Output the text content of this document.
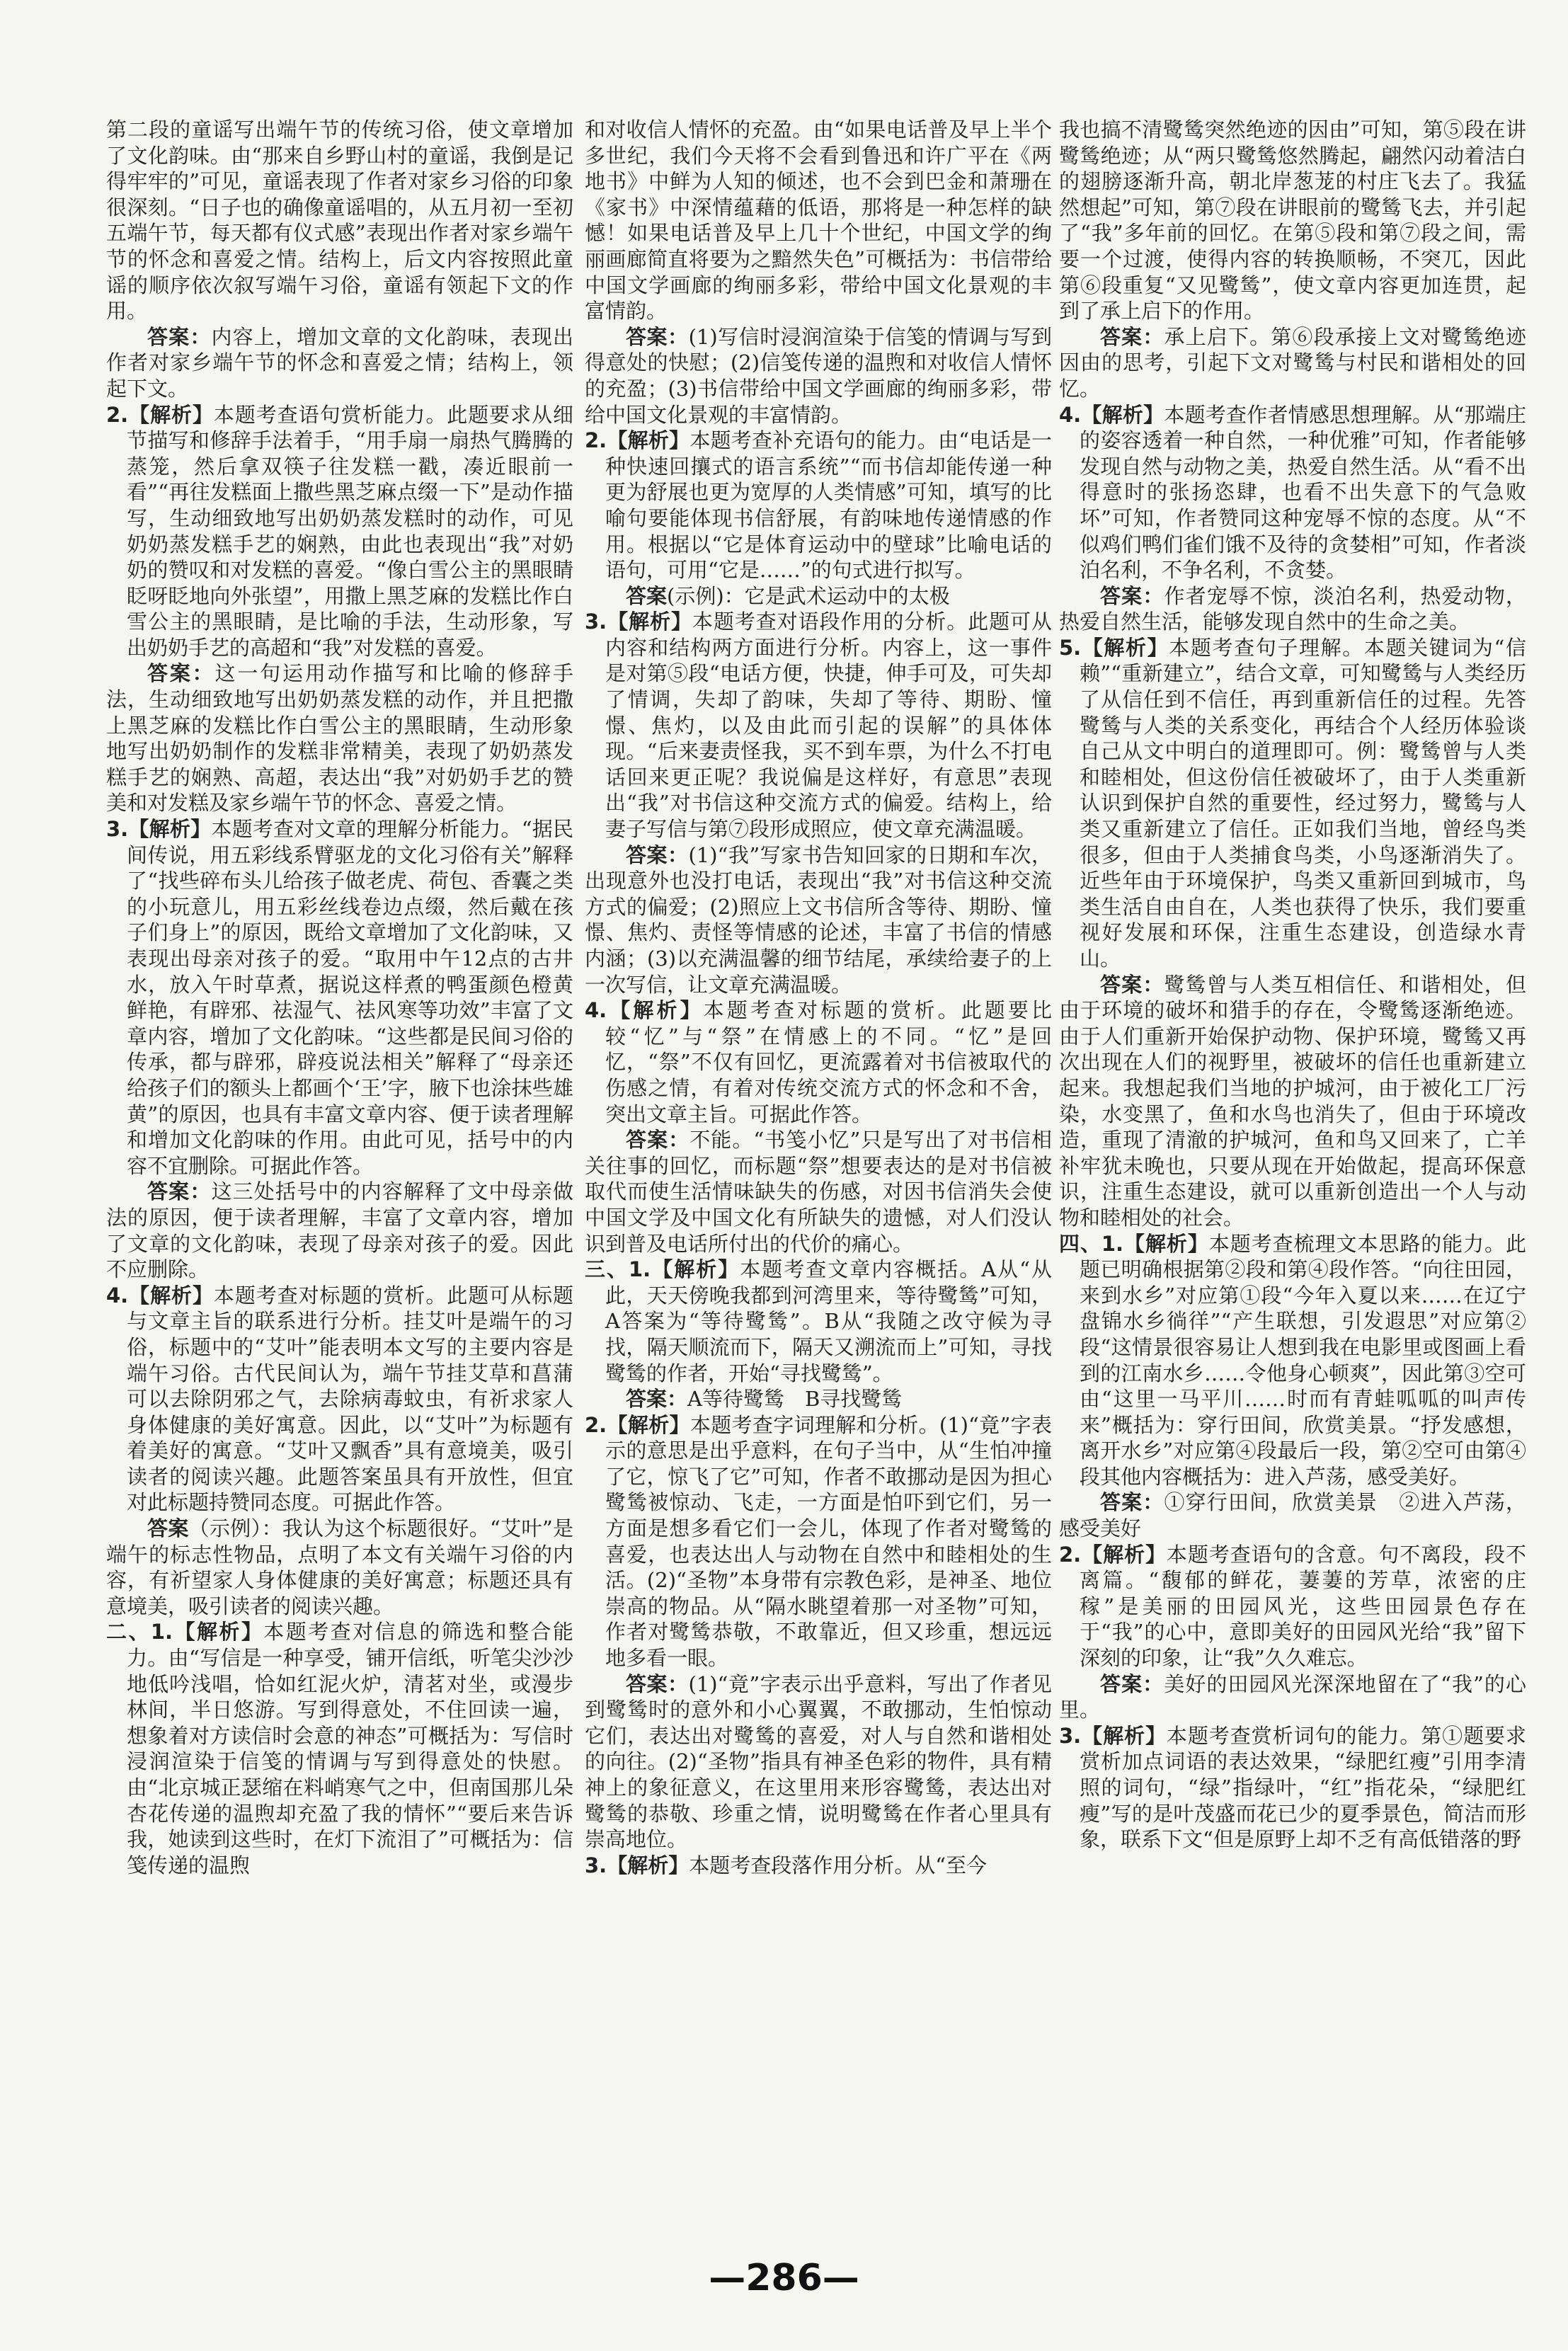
第二段的童谣写出端午节的传统习俗，使文章增加了文化韵味。由“那来自乡野山村的童谣，我倒是记得牢牢的”可见，童谣表现了作者对家乡习俗的印象很深刻。“日子也的确像童谣唱的，从五月初一至初五端午节，每天都有仪式感”表现出作者对家乡端午节的怀念和喜爱之情。结构上，后文内容按照此童谣的顺序依次叙写端午习俗，童谣有领起下文的作用。

答案：内容上，增加文章的文化韵味，表现出作者对家乡端午节的怀念和喜爱之情；结构上，领起下文。

2.【解析】本题考查语句赏析能力。此题要求从细节描写和修辞手法着手，“用手扇一扇热气腾腾的蒸笼，然后拿双筷子往发糕一戳，凑近眼前一看”“再往发糕面上撒些黑芝麻点缀一下”是动作描写，生动细致地写出奶奶蒸发糕时的动作，可见奶奶蒸发糕手艺的娴熟，由此也表现出“我”对奶奶的赞叹和对发糕的喜爱。“像白雪公主的黑眼睛眨呀眨地向外张望”，用撒上黑芝麻的发糕比作白雪公主的黑眼睛，是比喻的手法，生动形象，写出奶奶手艺的高超和“我”对发糕的喜爱。

答案：这一句运用动作描写和比喻的修辞手法，生动细致地写出奶奶蒸发糕的动作，并且把撒上黑芝麻的发糕比作白雪公主的黑眼睛，生动形象地写出奶奶制作的发糕非常精美，表现了奶奶蒸发糕手艺的娴熟、高超，表达出“我”对奶奶手艺的赞美和对发糕及家乡端午节的怀念、喜爱之情。

3.【解析】本题考查对文章的理解分析能力。“据民间传说，用五彩线系臂驱龙的文化习俗有关”解释了“找些碎布头儿给孩子做老虎、荷包、香囊之类的小玩意儿，用五彩丝线卷边点缀，然后戴在孩子们身上”的原因，既给文章增加了文化韵味，又表现出母亲对孩子的爱。“取用中午12点的古井水，放入午时草煮，据说这样煮的鸭蛋颜色橙黄鲜艳，有辟邪、祛湿气、祛风寒等功效”丰富了文章内容，增加了文化韵味。“这些都是民间习俗的传承，都与辟邪，辟疫说法相关”解释了“母亲还给孩子们的额头上都画个‘王’字，腋下也涂抹些雄黄”的原因，也具有丰富文章内容、便于读者理解和增加文化韵味的作用。由此可见，括号中的内容不宜删除。可据此作答。

答案：这三处括号中的内容解释了文中母亲做法的原因，便于读者理解，丰富了文章内容，增加了文章的文化韵味，表现了母亲对孩子的爱。因此不应删除。

4.【解析】本题考查对标题的赏析。此题可从标题与文章主旨的联系进行分析。挂艾叶是端午的习俗，标题中的“艾叶”能表明本文写的主要内容是端午习俗。古代民间认为，端午节挂艾草和菖蒲可以去除阴邪之气，去除病毒蚊虫，有祈求家人身体健康的美好寓意。因此，以“艾叶”为标题有着美好的寓意。“艾叶又飘香”具有意境美，吸引读者的阅读兴趣。此题答案虽具有开放性，但宜对此标题持赞同态度。可据此作答。

答案（示例）：我认为这个标题很好。“艾叶”是端午的标志性物品，点明了本文有关端午习俗的内容，有祈望家人身体健康的美好寓意；标题还具有意境美，吸引读者的阅读兴趣。

二、1.【解析】本题考查对信息的筛选和整合能力。由“写信是一种享受，铺开信纸，听笔尖沙沙地低吟浅唱，恰如红泥火炉，清茗对坐，或漫步林间，半日悠游。写到得意处，不住回读一遍，想象着对方读信时会意的神态”可概括为：写信时浸润渲染于信笺的情调与写到得意处的快慰。由“北京城正瑟缩在料峭寒气之中，但南国那儿朵杏花传递的温煦却充盈了我的情怀”“要后来告诉我，她读到这些时，在灯下流泪了”可概括为：信笺传递的温煦

和对收信人情怀的充盈。由“如果电话普及早上半个多世纪，我们今天将不会看到鲁迅和许广平在《两地书》中鲜为人知的倾述，也不会到巴金和萧珊在《家书》中深情蕴藉的低语，那将是一种怎样的缺憾！如果电话普及早上几十个世纪，中国文学的绚丽画廊简直将要为之黯然失色”可概括为：书信带给中国文学画廊的绚丽多彩，带给中国文化景观的丰富情韵。

答案：(1)写信时浸润渲染于信笺的情调与写到得意处的快慰；(2)信笺传递的温煦和对收信人情怀的充盈；(3)书信带给中国文学画廊的绚丽多彩，带给中国文化景观的丰富情韵。

2.【解析】本题考查补充语句的能力。由“电话是一种快速回攘式的语言系统”“而书信却能传递一种更为舒展也更为宽厚的人类情感”可知，填写的比喻句要能体现书信舒展，有韵味地传递情感的作用。根据以“它是体育运动中的壁球”比喻电话的语句，可用“它是……”的句式进行拟写。

答案(示例)：它是武术运动中的太极

3.【解析】本题考查对语段作用的分析。此题可从内容和结构两方面进行分析。内容上，这一事件是对第⑤段“电话方便，快捷，伸手可及，可失却了情调，失却了韵味，失却了等待、期盼、憧憬、焦灼，以及由此而引起的误解”的具体体现。“后来妻责怪我，买不到车票，为什么不打电话回来更正呢？我说偏是这样好，有意思”表现出“我”对书信这种交流方式的偏爱。结构上，给妻子写信与第⑦段形成照应，使文章充满温暖。

答案：(1)“我”写家书告知回家的日期和车次，出现意外也没打电话，表现出“我”对书信这种交流方式的偏爱；(2)照应上文书信所含等待、期盼、憧憬、焦灼、责怪等情感的论述，丰富了书信的情感内涵；(3)以充满温馨的细节结尾，承续给妻子的上一次写信，让文章充满温暖。

4.【解析】本题考查对标题的赏析。此题要比较“忆”与“祭”在情感上的不同。“忆”是回忆，“祭”不仅有回忆，更流露着对书信被取代的伤感之情，有着对传统交流方式的怀念和不舍，突出文章主旨。可据此作答。

答案：不能。“书笺小忆”只是写出了对书信相关往事的回忆，而标题“祭”想要表达的是对书信被取代而使生活情味缺失的伤感，对因书信消失会使中国文学及中国文化有所缺失的遗憾，对人们没认识到普及电话所付出的代价的痛心。

三、1.【解析】本题考查文章内容概括。A从“从此，天天傍晚我都到河湾里来，等待鹭鸶”可知，A答案为“等待鹭鸶”。B从“我随之改守候为寻找，隔天顺流而下，隔天又溯流而上”可知，寻找鹭鸶的作者，开始“寻找鹭鸶”。

答案：A等待鹭鸶　B寻找鹭鸶

2.【解析】本题考查字词理解和分析。(1)“竟”字表示的意思是出乎意料，在句子当中，从“生怕冲撞了它，惊飞了它”可知，作者不敢挪动是因为担心鹭鸶被惊动、飞走，一方面是怕吓到它们，另一方面是想多看它们一会儿，体现了作者对鹭鸶的喜爱，也表达出人与动物在自然中和睦相处的生活。(2)“圣物”本身带有宗教色彩，是神圣、地位崇高的物品。从“隔水眺望着那一对圣物”可知，作者对鹭鸶恭敬，不敢靠近，但又珍重，想远远地多看一眼。

答案：(1)“竟”字表示出乎意料，写出了作者见到鹭鸶时的意外和小心翼翼，不敢挪动，生怕惊动它们，表达出对鹭鸶的喜爱，对人与自然和谐相处的向往。(2)“圣物”指具有神圣色彩的物件，具有精神上的象征意义，在这里用来形容鹭鸶，表达出对鹭鸶的恭敬、珍重之情，说明鹭鸶在作者心里具有崇高地位。

3.【解析】本题考查段落作用分析。从“至今

我也搞不清鹭鸶突然绝迹的因由”可知，第⑤段在讲鹭鸶绝迹；从“两只鹭鸶悠然腾起，翩然闪动着洁白的翅膀逐渐升高，朝北岸葱茏的村庄飞去了。我猛然想起”可知，第⑦段在讲眼前的鹭鸶飞去，并引起了“我”多年前的回忆。在第⑤段和第⑦段之间，需要一个过渡，使得内容的转换顺畅，不突兀，因此第⑥段重复“又见鹭鸶”，使文章内容更加连贯，起到了承上启下的作用。

答案：承上启下。第⑥段承接上文对鹭鸶绝迹因由的思考，引起下文对鹭鸶与村民和谐相处的回忆。

4.【解析】本题考查作者情感思想理解。从“那端庄的姿容透着一种自然，一种优雅”可知，作者能够发现自然与动物之美，热爱自然生活。从“看不出得意时的张扬恣肆，也看不出失意下的气急败坏”可知，作者赞同这种宠辱不惊的态度。从“不似鸡们鸭们雀们饿不及待的贪婪相”可知，作者淡泊名利，不争名利，不贪婪。

答案：作者宠辱不惊，淡泊名利，热爱动物，热爱自然生活，能够发现自然中的生命之美。

5.【解析】本题考查句子理解。本题关键词为“信赖”“重新建立”，结合文章，可知鹭鸶与人类经历了从信任到不信任，再到重新信任的过程。先答鹭鸶与人类的关系变化，再结合个人经历体验谈自己从文中明白的道理即可。例：鹭鸶曾与人类和睦相处，但这份信任被破坏了，由于人类重新认识到保护自然的重要性，经过努力，鹭鸶与人类又重新建立了信任。正如我们当地，曾经鸟类很多，但由于人类捕食鸟类，小鸟逐渐消失了。近些年由于环境保护，鸟类又重新回到城市，鸟类生活自由自在，人类也获得了快乐，我们要重视好发展和环保，注重生态建设，创造绿水青山。

答案：鹭鸶曾与人类互相信任、和谐相处，但由于环境的破坏和猎手的存在，令鹭鸶逐渐绝迹。由于人们重新开始保护动物、保护环境，鹭鸶又再次出现在人们的视野里，被破坏的信任也重新建立起来。我想起我们当地的护城河，由于被化工厂污染，水变黑了，鱼和水鸟也消失了，但由于环境改造，重现了清澈的护城河，鱼和鸟又回来了，亡羊补牢犹未晚也，只要从现在开始做起，提高环保意识，注重生态建设，就可以重新创造出一个人与动物和睦相处的社会。

四、1.【解析】本题考查梳理文本思路的能力。此题已明确根据第②段和第④段作答。“向往田园，来到水乡”对应第①段“今年入夏以来……在辽宁盘锦水乡徜徉”“产生联想，引发遐思”对应第②段“这情景很容易让人想到我在电影里或图画上看到的江南水乡……令他身心顿爽”，因此第③空可由“这里一马平川……时而有青蛙呱呱的叫声传来”概括为：穿行田间，欣赏美景。“抒发感想，离开水乡”对应第④段最后一段，第②空可由第④段其他内容概括为：进入芦荡，感受美好。

答案：①穿行田间，欣赏美景　②进入芦荡，感受美好

2.【解析】本题考查语句的含意。句不离段，段不离篇。“馥郁的鲜花，萋萋的芳草，浓密的庄稼”是美丽的田园风光，这些田园景色存在于“我”的心中，意即美好的田园风光给“我”留下深刻的印象，让“我”久久难忘。

答案：美好的田园风光深深地留在了“我”的心里。

3.【解析】本题考查赏析词句的能力。第①题要求赏析加点词语的表达效果，“绿肥红瘦”引用李清照的词句，“绿”指绿叶，“红”指花朵，“绿肥红瘦”写的是叶茂盛而花已少的夏季景色，简洁而形象，联系下文“但是原野上却不乏有高低错落的野

—286—
